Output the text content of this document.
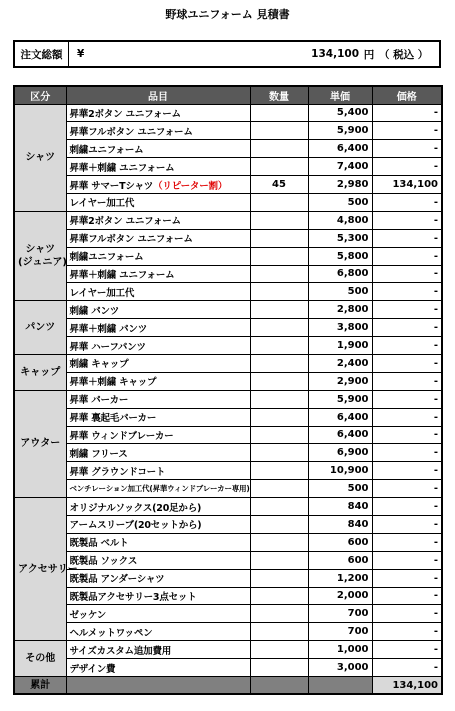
野球ユニフォーム 見積書
注文総額	¥	134,100 円 （ 税込 ）
区分	品目	数量	単価	価格
シャツ	昇華2ボタン ユニフォーム		5,400	-
	昇華フルボタン ユニフォーム		5,900	-
	刺繍ユニフォーム		6,400	-
	昇華＋刺繍 ユニフォーム		7,400	-
	昇華 サマーTシャツ（リピーター割）	45	2,980	134,100
	レイヤー加工代		500	-
シャツ
(ジュニア)	昇華2ボタン ユニフォーム		4,800	-
	昇華フルボタン ユニフォーム		5,300	-
	刺繍ユニフォーム		5,800	-
	昇華＋刺繍 ユニフォーム		6,800	-
	レイヤー加工代		500	-
パンツ	刺繍 パンツ		2,800	-
	昇華＋刺繍 パンツ		3,800	-
	昇華 ハーフパンツ		1,900	-
キャップ	刺繍 キャップ		2,400	-
	昇華＋刺繍 キャップ		2,900	-
アウター	昇華 パーカー		5,900	-
	昇華 裏起毛パーカー		6,400	-
	昇華 ウィンドブレーカー		6,400	-
	刺繍 フリース		6,900	-
	昇華 グラウンドコート		10,900	-
	ベンチレーション加工代(昇華ウィンドブレーカー専用)		500	-
アクセサリー	オリジナルソックス(20足から)		840	-
	アームスリーブ(20セットから)		840	-
	既製品 ベルト		600	-
	既製品 ソックス		600	-
	既製品 アンダーシャツ		1,200	-
	既製品アクセサリー3点セット		2,000	-
	ゼッケン		700	-
	ヘルメットワッペン		700	-
その他	サイズカスタム追加費用		1,000	-
	デザイン費		3,000	-
累計				134,100
